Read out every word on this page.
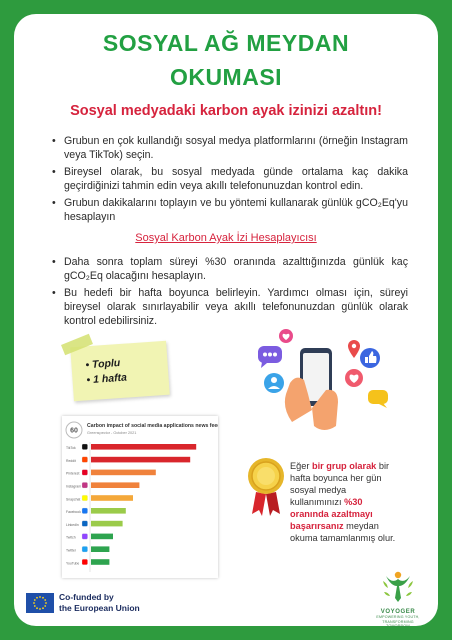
SOSYAL AĞ MEYDAN
OKUMASI
Sosyal medyadaki karbon ayak izinizi azaltın!
• Grubun en çok kullandığı sosyal medya platformlarını (örneğin Instagram veya TikTok) seçin.
• Bireysel olarak, bu sosyal medyada günde ortalama kaç dakika geçirdiğinizi tahmin edin veya akıllı telefonunuzdan kontrol edin.
• Grubun dakikalarını toplayın ve bu yöntemi kullanarak günlük gCO₂Eq'yu hesaplayın
Sosyal Karbon Ayak İzi Hesaplayıcısı
• Daha sonra toplam süreyi %30 oranında azalttığınızda günlük kaç gCO₂Eq olacağını hesaplayın.
• Bu hedefi bir hafta boyunca belirleyin. Yardımcı olması için, süreyi bireysel olarak sınırlayabilir veya akıllı telefonunuzdan günlük olarak kontrol edebilirsiniz.
• Toplu
• 1 hafta
60
Carbon impact of social media applications news feed
Greenspector - October 2021
TikTok
Reddit
Pinterest
Instagram
Snapchat
Facebook
LinkedIn
Twitch
Twitter
YouTube
Eğer bir grup olarak bir hafta boyunca her gün sosyal medya kullanımınızı %30 oranında azaltmayı başarırsanız meydan okuma tamamlanmış olur.
Co-funded by
the European Union	VOYOGER
EMPOWERING YOUTH,
TRANSFORMING TOMORROW
